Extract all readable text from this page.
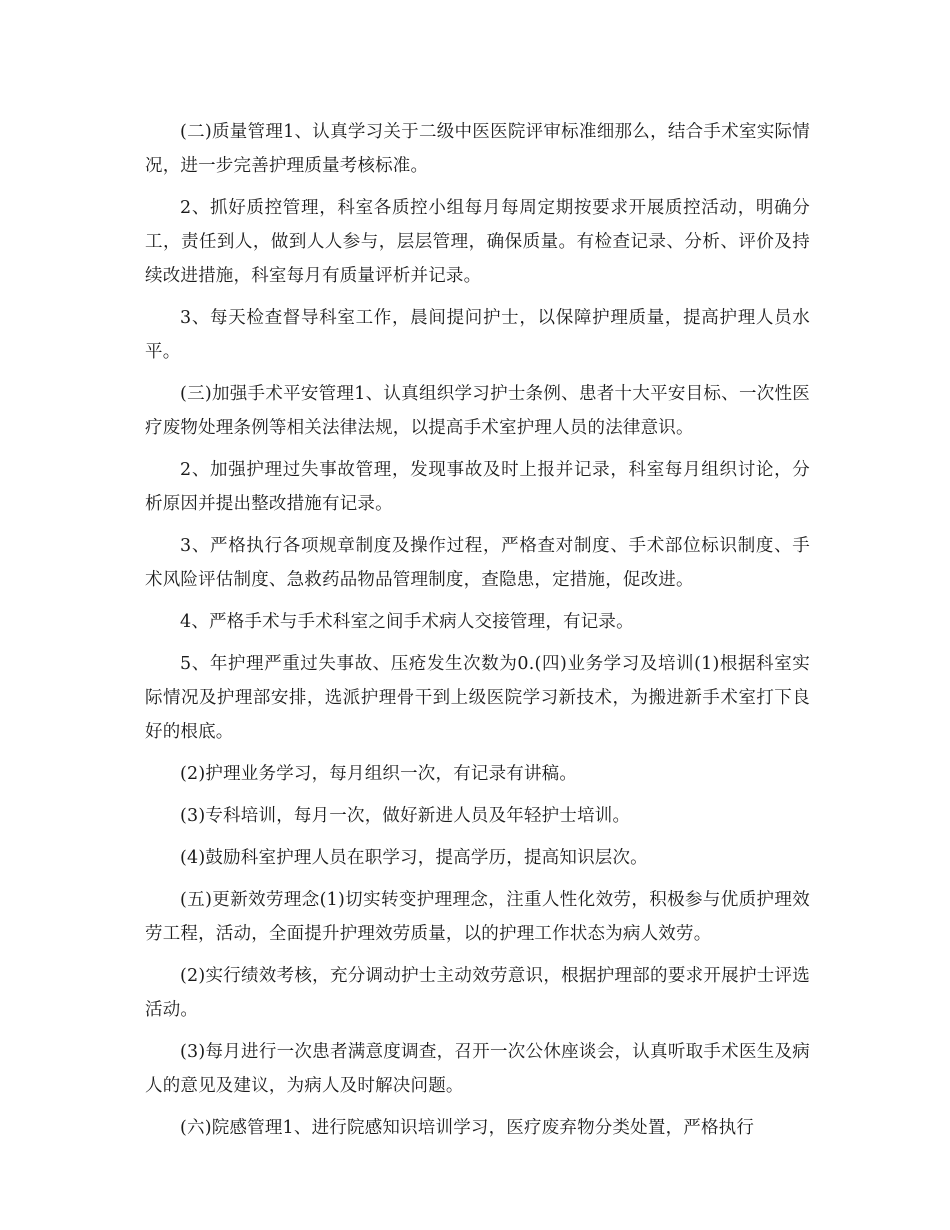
(二)质量管理1、认真学习关于二级中医医院评审标准细那么，结合手术室实际情况，进一步完善护理质量考核标准。

2、抓好质控管理，科室各质控小组每月每周定期按要求开展质控活动，明确分工，责任到人，做到人人参与，层层管理，确保质量。有检查记录、分析、评价及持续改进措施，科室每月有质量评析并记录。

3、每天检查督导科室工作，晨间提问护士，以保障护理质量，提高护理人员水平。

(三)加强手术平安管理1、认真组织学习护士条例、患者十大平安目标、一次性医疗废物处理条例等相关法律法规，以提高手术室护理人员的法律意识。

2、加强护理过失事故管理，发现事故及时上报并记录，科室每月组织讨论，分析原因并提出整改措施有记录。

3、严格执行各项规章制度及操作过程，严格查对制度、手术部位标识制度、手术风险评估制度、急救药品物品管理制度，查隐患，定措施，促改进。

4、严格手术与手术科室之间手术病人交接管理，有记录。

5、年护理严重过失事故、压疮发生次数为0.(四)业务学习及培训(1)根据科室实际情况及护理部安排，选派护理骨干到上级医院学习新技术，为搬进新手术室打下良好的根底。

(2)护理业务学习，每月组织一次，有记录有讲稿。

(3)专科培训，每月一次，做好新进人员及年轻护士培训。

(4)鼓励科室护理人员在职学习，提高学历，提高知识层次。

(五)更新效劳理念(1)切实转变护理理念，注重人性化效劳，积极参与优质护理效劳工程，活动，全面提升护理效劳质量，以的护理工作状态为病人效劳。

(2)实行绩效考核，充分调动护士主动效劳意识，根据护理部的要求开展护士评选活动。

(3)每月进行一次患者满意度调查，召开一次公休座谈会，认真听取手术医生及病人的意见及建议，为病人及时解决问题。

(六)院感管理1、进行院感知识培训学习，医疗废弃物分类处置，严格执行
